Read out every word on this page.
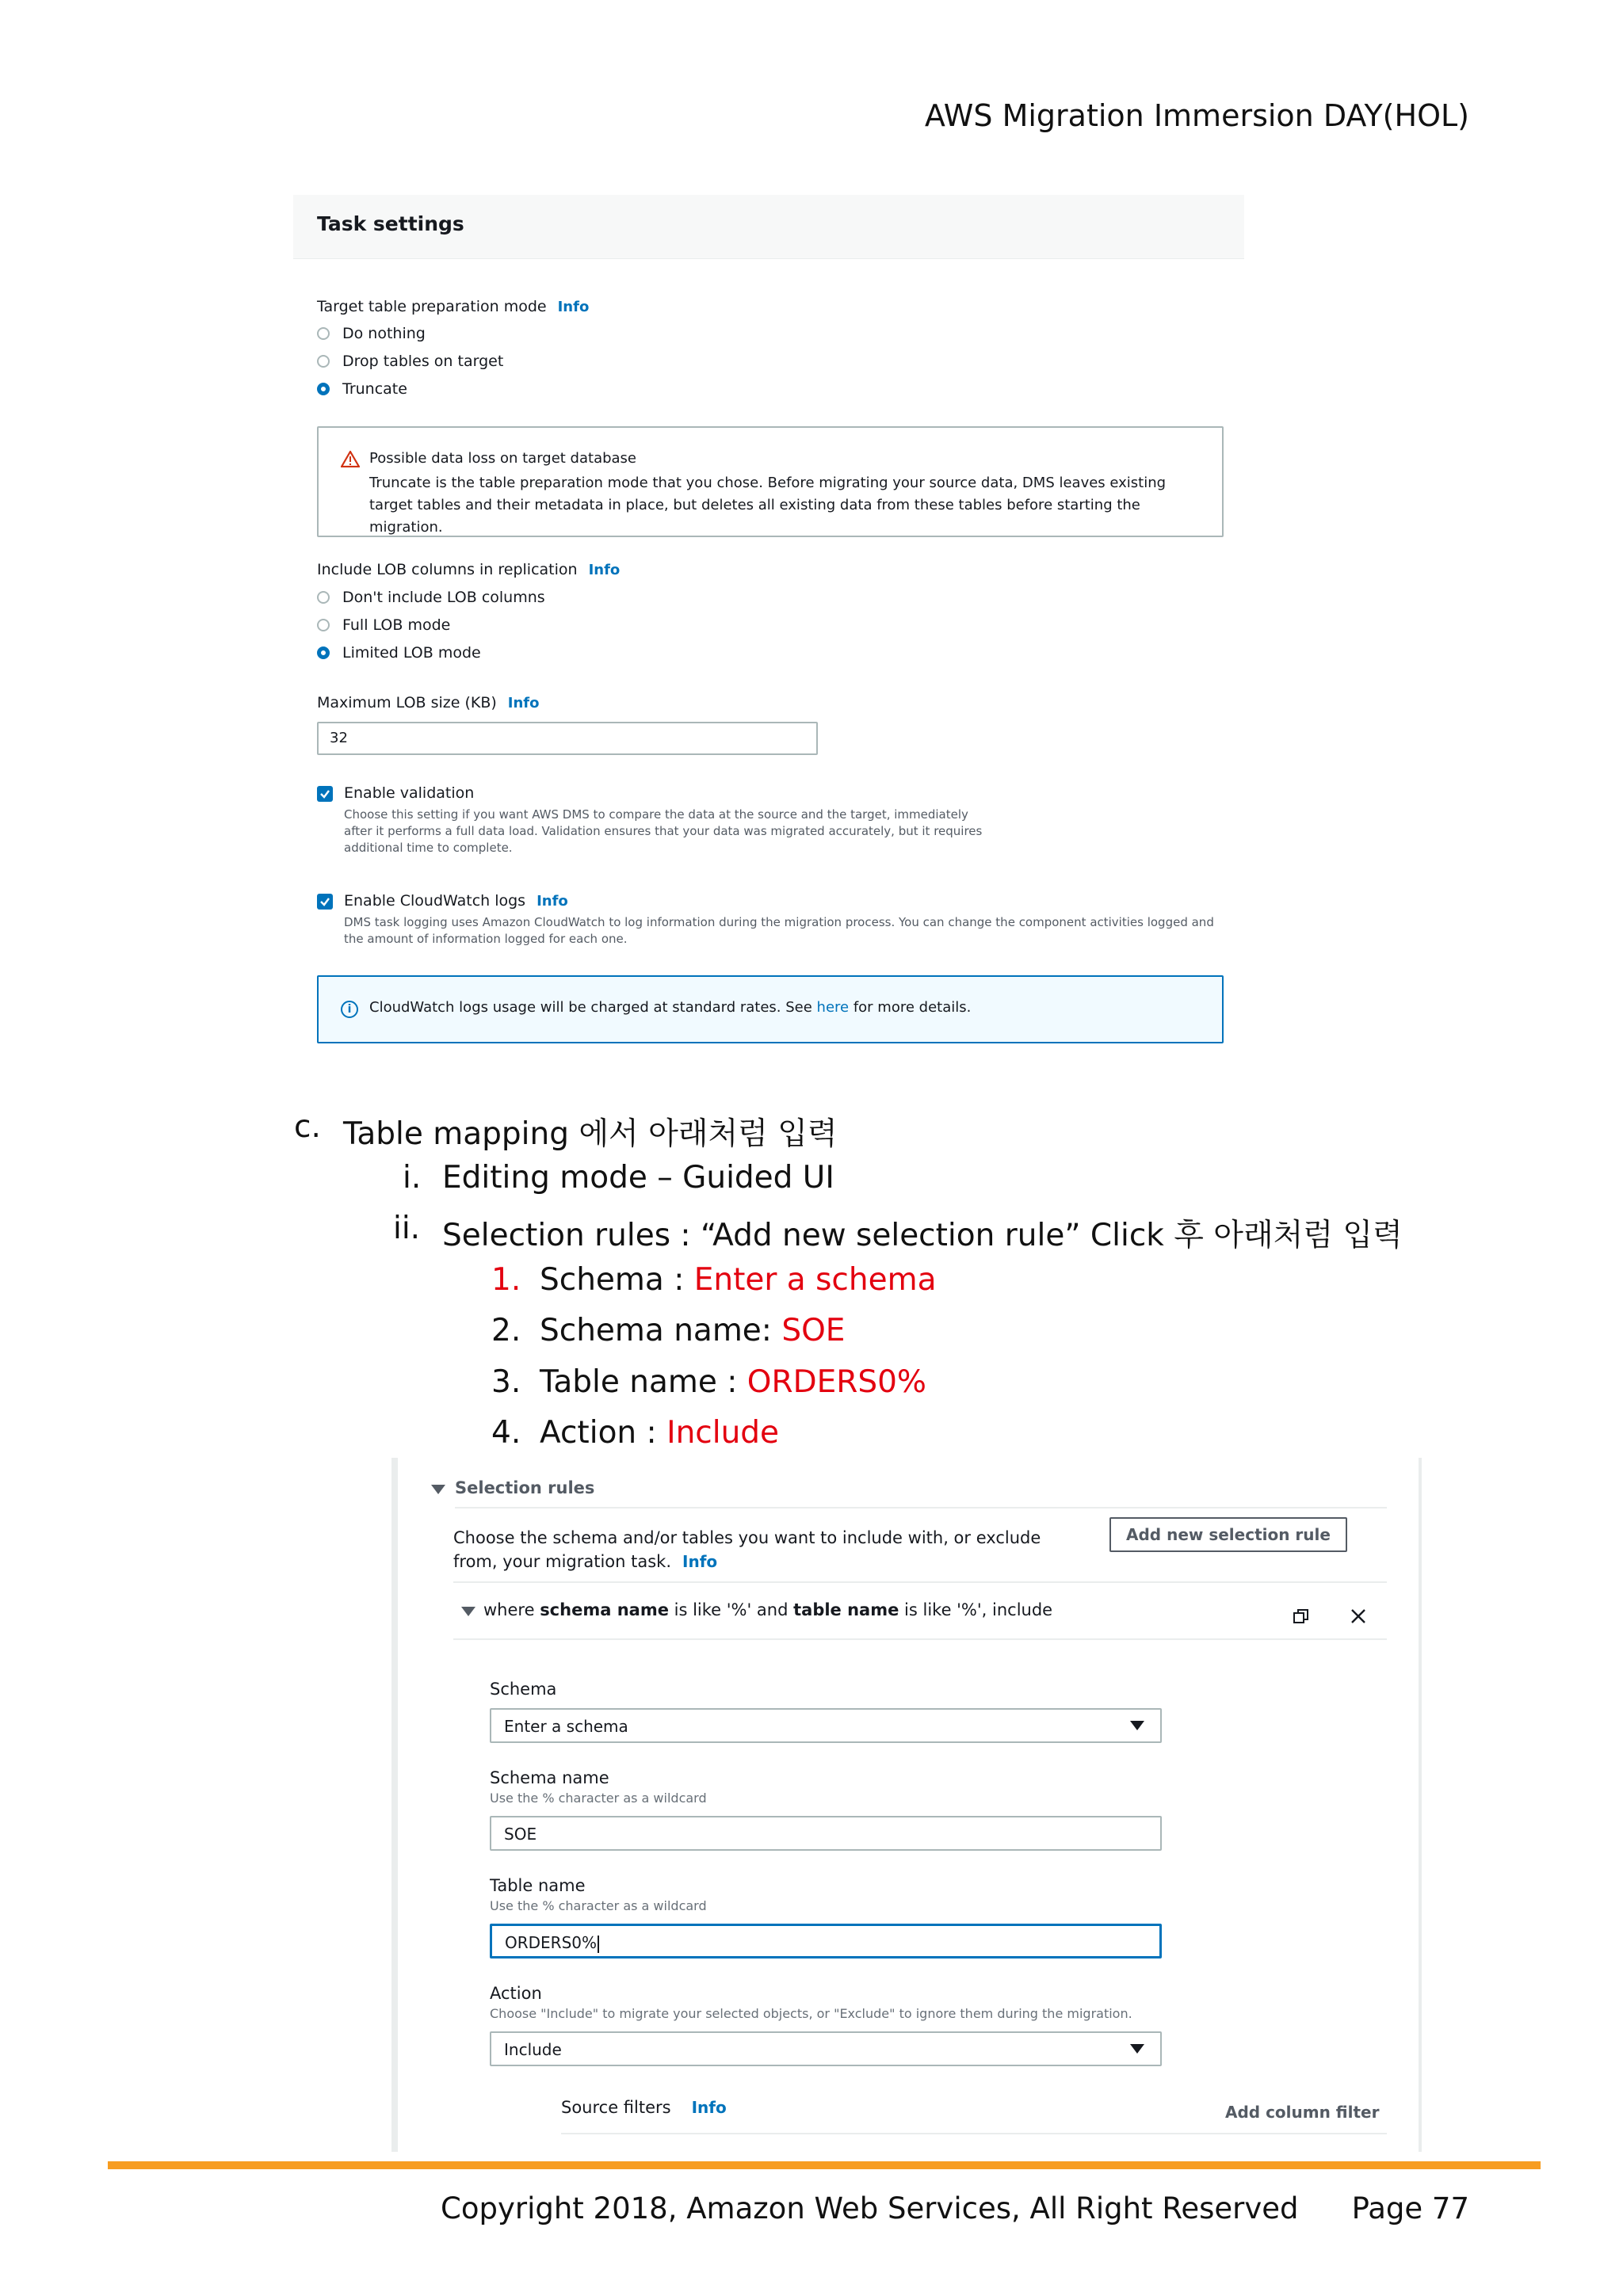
AWS Migration Immersion DAY(HOL)
Task settings
Target table preparation mode Info
Do nothing
Drop tables on target
Truncate
Possible data loss on target database
Truncate is the table preparation mode that you chose. Before migrating your source data, DMS leaves existing target tables and their metadata in place, but deletes all existing data from these tables before starting the migration.
Include LOB columns in replication Info
Don't include LOB columns
Full LOB mode
Limited LOB mode
Maximum LOB size (KB) Info
32
Enable validation
Choose this setting if you want AWS DMS to compare the data at the source and the target, immediately after it performs a full data load. Validation ensures that your data was migrated accurately, but it requires additional time to complete.
Enable CloudWatch logs Info
DMS task logging uses Amazon CloudWatch to log information during the migration process. You can change the component activities logged and the amount of information logged for each one.
i	CloudWatch logs usage will be charged at standard rates. See here for more details.
c. Table mapping 에서 아래처럼 입력
i. Editing mode – Guided UI
ii. Selection rules : “Add new selection rule” Click 후 아래처럼 입력
1. Schema : Enter a schema
2. Schema name: SOE
3. Table name : ORDERS0%
4. Action : Include
Selection rules
Choose the schema and/or tables you want to include with, or exclude from, your migration task. Info
Add new selection rule
where schema name is like '%' and table name is like '%', include
Schema
Enter a schema
Schema name
Use the % character as a wildcard
SOE
Table name
Use the % character as a wildcard
ORDERS0%
Action
Choose "Include" to migrate your selected objects, or "Exclude" to ignore them during the migration.
Include
Source filters Info	Add column filter
Copyright 2018, Amazon Web Services, All Right Reserved Page 77
